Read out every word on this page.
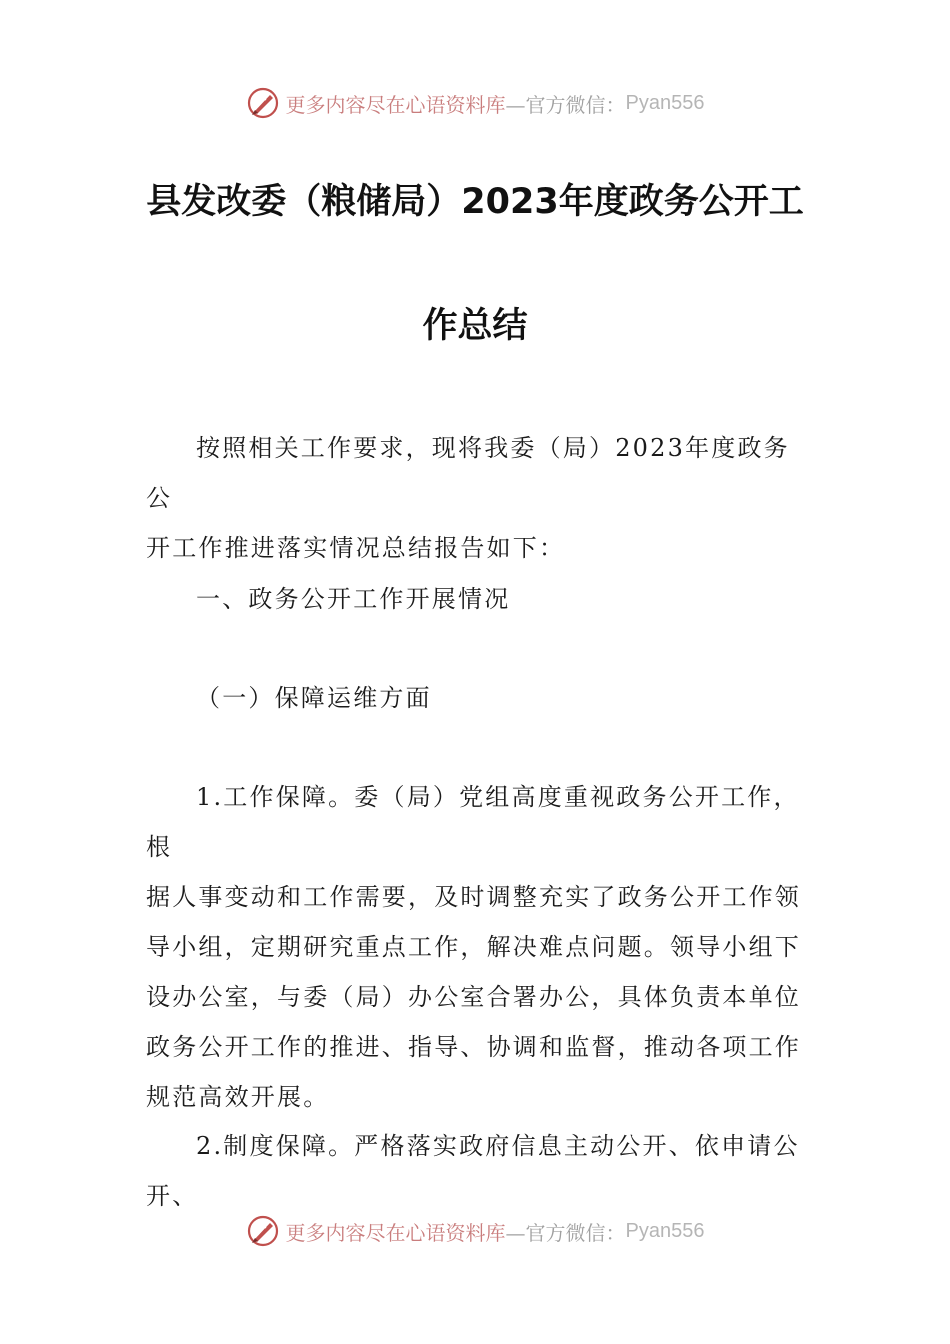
更多内容尽在心语资料库 —官方微信： Pyan556
县发改委（粮储局）2023年度政务公开工
作总结
按照相关工作要求，现将我委（局）2023年度政务公
开工作推进落实情况总结报告如下：
一、政务公开工作开展情况
（一）保障运维方面
1.工作保障。委（局）党组高度重视政务公开工作，根
据人事变动和工作需要，及时调整充实了政务公开工作领
导小组，定期研究重点工作，解决难点问题。领导小组下
设办公室，与委（局）办公室合署办公，具体负责本单位
政务公开工作的推进、指导、协调和监督，推动各项工作
规范高效开展。
2.制度保障。严格落实政府信息主动公开、依申请公开、
更多内容尽在心语资料库 —官方微信： Pyan556
